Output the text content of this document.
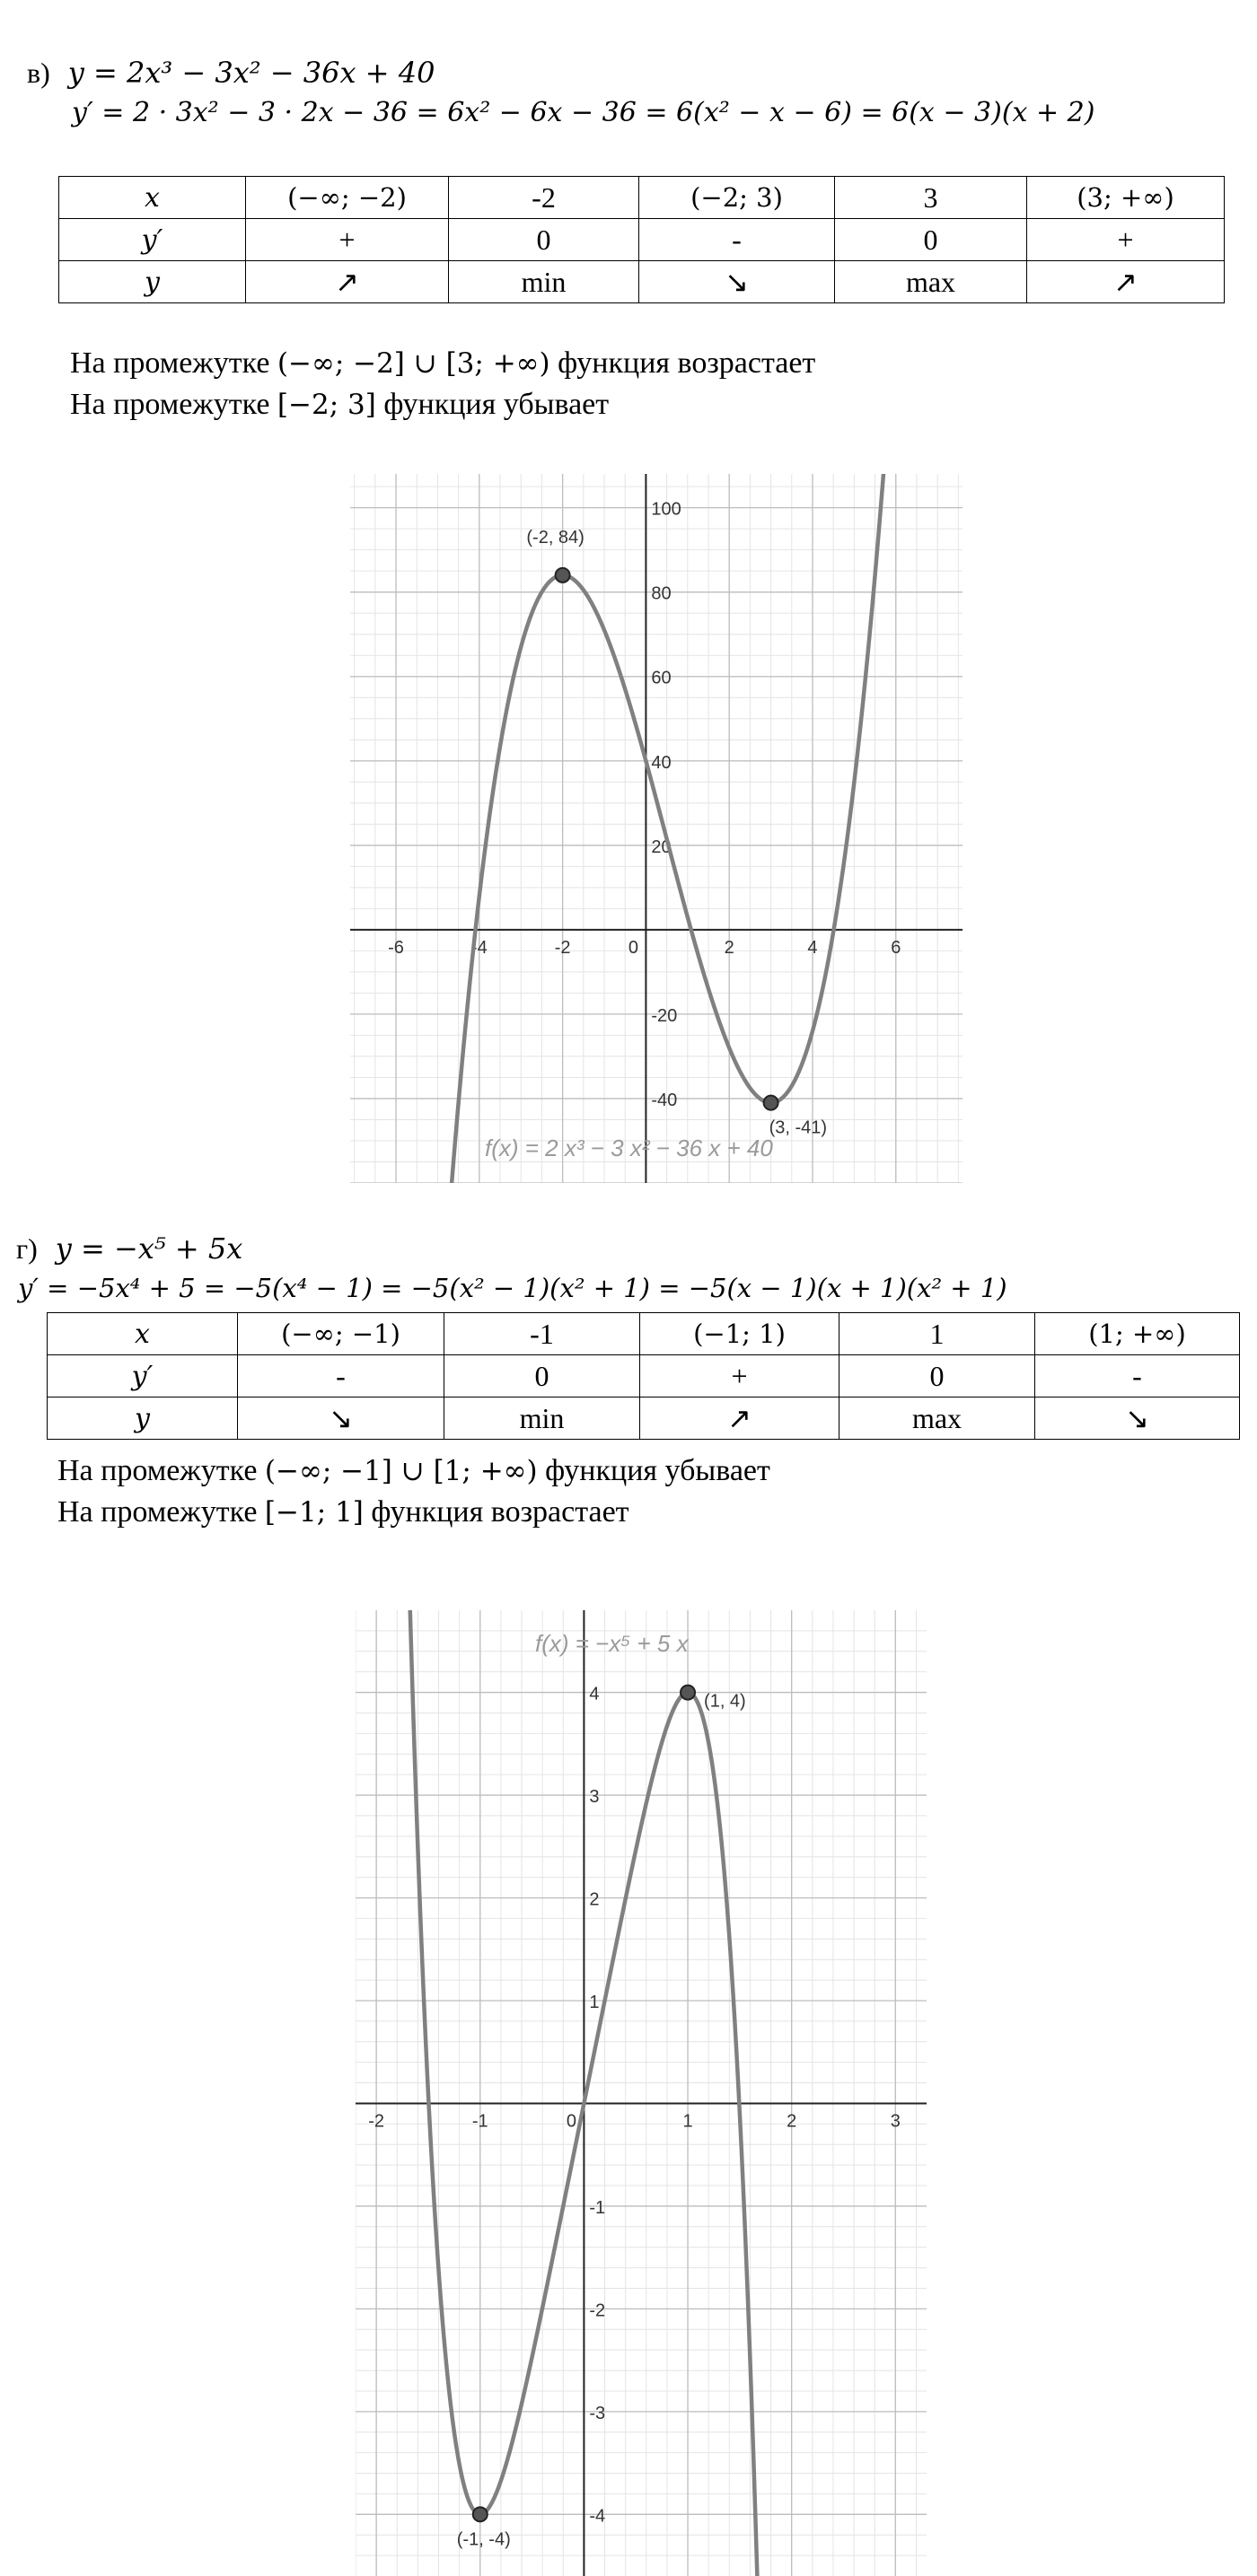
в) y = 2x³ − 3x² − 36x + 40
y′ = 2 · 3x² − 3 · 2x − 36 = 6x² − 6x − 36 = 6(x² − x − 6) = 6(x − 3)(x + 2)
x	(−∞; −2)	-2	(−2; 3)	3	(3; +∞)
y′	+	0	-	0	+
y	↗	min	↘	max	↗
На промежутке (−∞; −2] ∪ [3; +∞) функция возрастает
На промежутке [−2; 3] функция убывает
-6	-4	-2	0	2	4	6
100
80
60
40
20
-20
-40
f(x) = 2 x³ − 3 x² − 36 x + 40
(-2, 84)
(3, -41)
г) y = −x⁵ + 5x
y′ = −5x⁴ + 5 = −5(x⁴ − 1) = −5(x² − 1)(x² + 1) = −5(x − 1)(x + 1)(x² + 1)
x	(−∞; −1)	-1	(−1; 1)	1	(1; +∞)
y′	-	0	+	0	-
y	↘	min	↗	max	↘
На промежутке (−∞; −1] ∪ [1; +∞) функция убывает
На промежутке [−1; 1] функция возрастает
-2	-1	0	1	2	3
4
3
2
1
-1
-2
-3
-4
f(x) = −x⁵ + 5 x
(1, 4)
(-1, -4)
